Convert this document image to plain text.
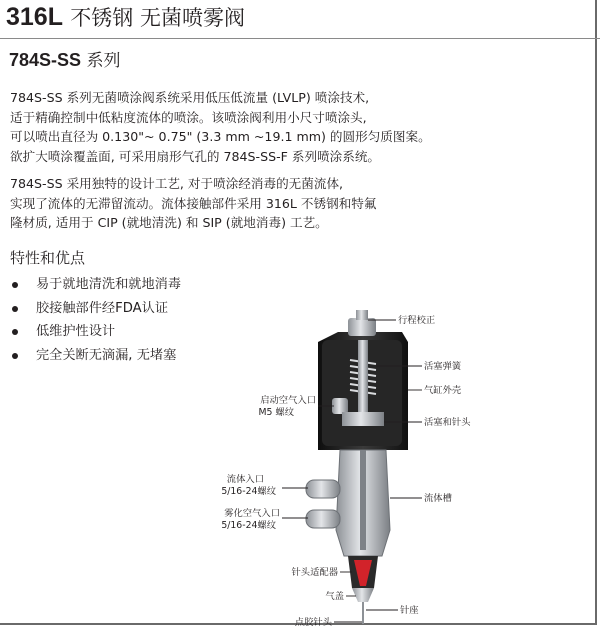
316L 不锈钢 无菌喷雾阀
784S-SS 系列

784S-SS 系列无菌喷涂阀系统采用低压低流量 (LVLP) 喷涂技术,
适于精确控制中低粘度流体的喷涂。该喷涂阀利用小尺寸喷涂头,
可以喷出直径为 0.130"~ 0.75" (3.3 mm ~19.1 mm) 的圆形匀质图案。
欲扩大喷涂覆盖面, 可采用扇形气孔的 784S-SS-F 系列喷涂系统。

784S-SS 采用独特的设计工艺, 对于喷涂经消毒的无菌流体,
实现了流体的无滞留流动。流体接触部件采用 316L 不锈钢和特氟
隆材质, 适用于 CIP (就地清洗) 和 SIP (就地消毒) 工艺。

特性和优点
易于就地清洗和就地消毒
胶接触部件经FDA认证
低维护性设计
完全关断无滴漏, 无堵塞
行程校正
活塞弹簧
气缸外壳
启动空气入口
M5 螺纹
活塞和针头
流体入口
5/16-24螺纹
流体槽
雾化空气入口
5/16-24螺纹
针头适配器
气盖
针座
点胶针头
